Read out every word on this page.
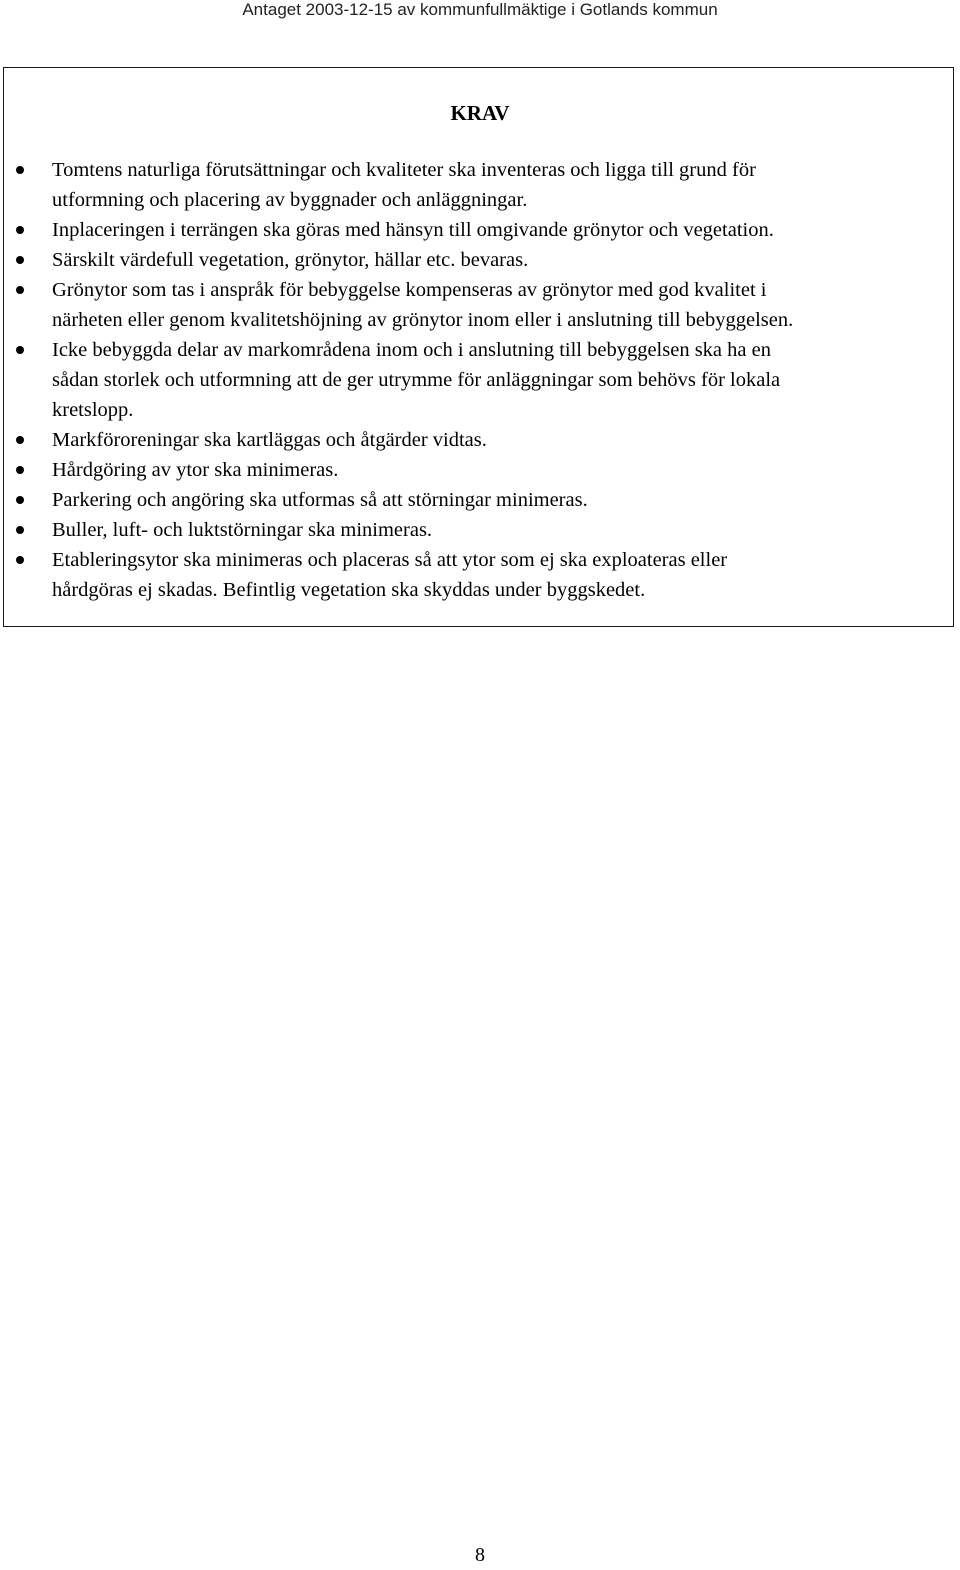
Antaget 2003-12-15 av kommunfullmäktige i Gotlands kommun
KRAV
Tomtens naturliga förutsättningar och kvaliteter ska inventeras och ligga till grund för
utformning och placering av byggnader och anläggningar.
Inplaceringen i terrängen ska göras med hänsyn till omgivande grönytor och vegetation.
Särskilt värdefull vegetation, grönytor, hällar etc. bevaras.
Grönytor som tas i anspråk för bebyggelse kompenseras av grönytor med god kvalitet i
närheten eller genom kvalitetshöjning av grönytor inom eller i anslutning till bebyggelsen.
Icke bebyggda delar av markområdena inom och i anslutning till bebyggelsen ska ha en
sådan storlek och utformning att de ger utrymme för anläggningar som behövs för lokala
kretslopp.
Markföroreningar ska kartläggas och åtgärder vidtas.
Hårdgöring av ytor ska minimeras.
Parkering och angöring ska utformas så att störningar minimeras.
Buller, luft- och luktstörningar ska minimeras.
Etableringsytor ska minimeras och placeras så att ytor som ej ska exploateras eller
hårdgöras ej skadas. Befintlig vegetation ska skyddas under byggskedet.
8
